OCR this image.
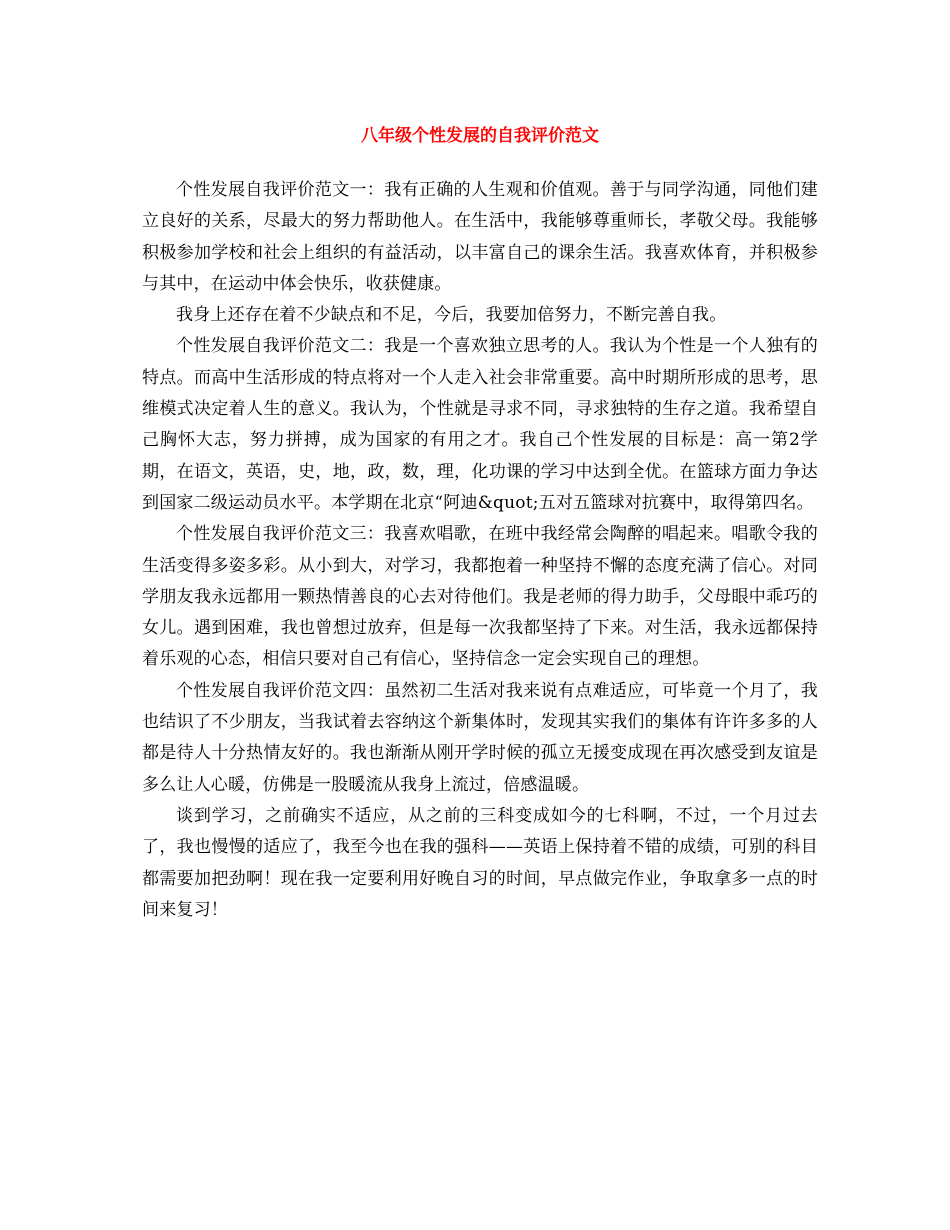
八年级个性发展的自我评价范文

个性发展自我评价范文一：我有正确的人生观和价值观。善于与同学沟通，同他们建立良好的关系，尽最大的努力帮助他人。在生活中，我能够尊重师长，孝敬父母。我能够积极参加学校和社会上组织的有益活动，以丰富自己的课余生活。我喜欢体育，并积极参与其中，在运动中体会快乐，收获健康。

我身上还存在着不少缺点和不足，今后，我要加倍努力，不断完善自我。

个性发展自我评价范文二：我是一个喜欢独立思考的人。我认为个性是一个人独有的特点。而高中生活形成的特点将对一个人走入社会非常重要。高中时期所形成的思考，思维模式决定着人生的意义。我认为，个性就是寻求不同，寻求独特的生存之道。我希望自己胸怀大志，努力拼搏，成为国家的有用之才。我自己个性发展的目标是：高一第2学期，在语文，英语，史，地，政，数，理，化功课的学习中达到全优。在篮球方面力争达到国家二级运动员水平。本学期在北京“阿迪&quot;五对五篮球对抗赛中，取得第四名。

个性发展自我评价范文三：我喜欢唱歌，在班中我经常会陶醉的唱起来。唱歌令我的生活变得多姿多彩。从小到大，对学习，我都抱着一种坚持不懈的态度充满了信心。对同学朋友我永远都用一颗热情善良的心去对待他们。我是老师的得力助手，父母眼中乖巧的女儿。遇到困难，我也曾想过放弃，但是每一次我都坚持了下来。对生活，我永远都保持着乐观的心态，相信只要对自己有信心，坚持信念一定会实现自己的理想。

个性发展自我评价范文四：虽然初二生活对我来说有点难适应，可毕竟一个月了，我也结识了不少朋友，当我试着去容纳这个新集体时，发现其实我们的集体有许许多多的人都是待人十分热情友好的。我也渐渐从刚开学时候的孤立无援变成现在再次感受到友谊是多么让人心暖，仿佛是一股暖流从我身上流过，倍感温暖。

谈到学习，之前确实不适应，从之前的三科变成如今的七科啊，不过，一个月过去了，我也慢慢的适应了，我至今也在我的强科——英语上保持着不错的成绩，可别的科目都需要加把劲啊！现在我一定要利用好晚自习的时间，早点做完作业，争取拿多一点的时间来复习！
